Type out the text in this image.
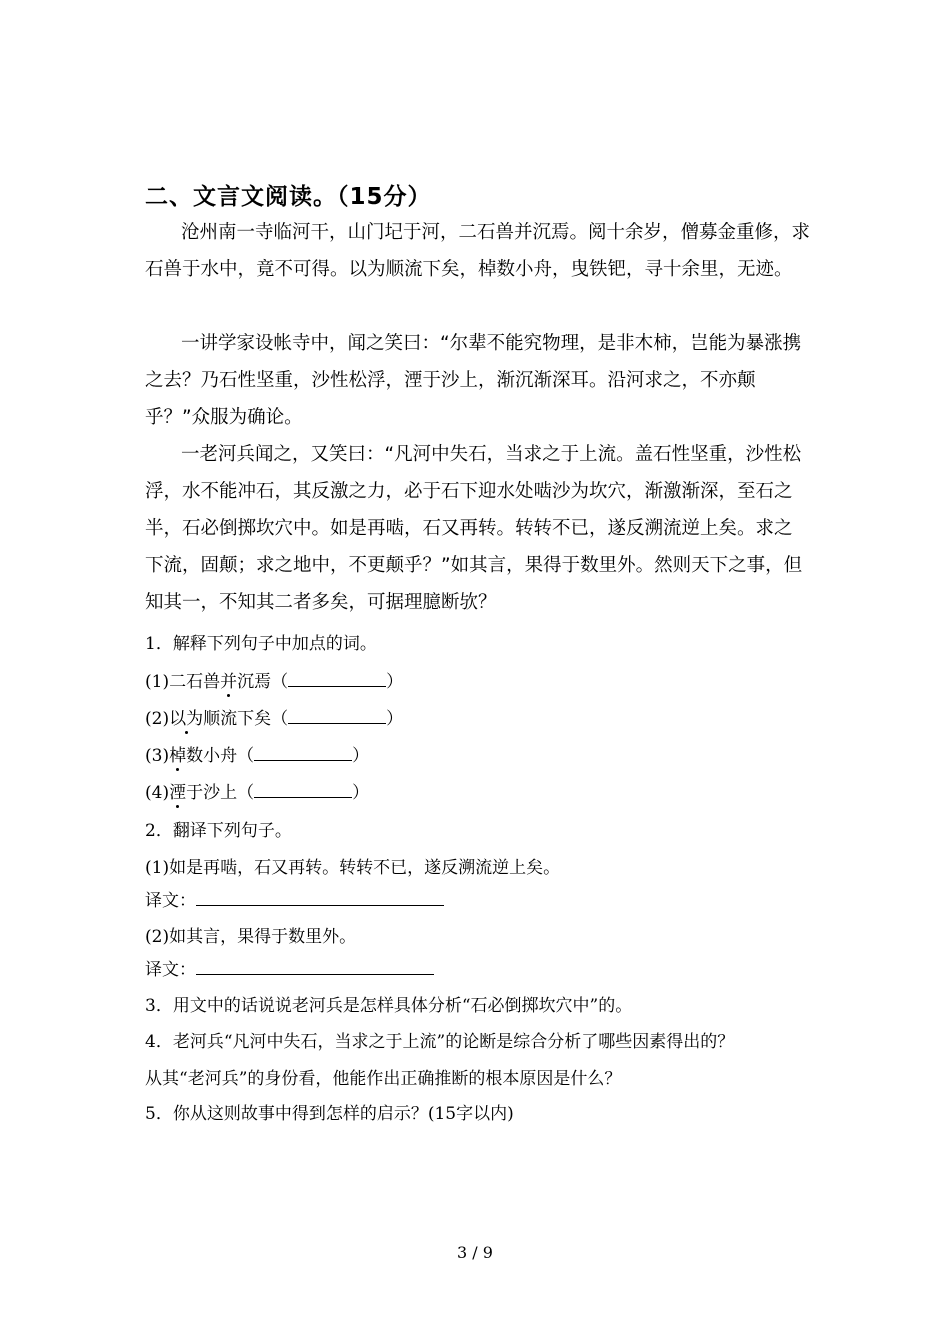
二、文言文阅读。（15分）

沧州南一寺临河干，山门圮于河，二石兽并沉焉。阅十余岁，僧募金重修，求石兽于水中，竟不可得。以为顺流下矣，棹数小舟，曳铁钯，寻十余里，无迹。

一讲学家设帐寺中，闻之笑曰：“尔辈不能究物理，是非木柿，岂能为暴涨携之去？乃石性坚重，沙性松浮，湮于沙上，渐沉渐深耳。沿河求之，不亦颠乎？”众服为确论。

一老河兵闻之，又笑曰：“凡河中失石，当求之于上流。盖石性坚重，沙性松浮，水不能冲石，其反激之力，必于石下迎水处啮沙为坎穴，渐激渐深，至石之半，石必倒掷坎穴中。如是再啮，石又再转。转转不已，遂反溯流逆上矣。求之下流，固颠；求之地中，不更颠乎？”如其言，果得于数里外。然则天下之事，但知其一，不知其二者多矣，可据理臆断欤？

1．解释下列句子中加点的词。
(1)二石兽并沉焉（	）
(2)以为顺流下矣（	）
(3)棹数小舟（	）
(4)湮于沙上（	）
2．翻译下列句子。
(1)如是再啮，石又再转。转转不已，遂反溯流逆上矣。
译文：
(2)如其言，果得于数里外。
译文：
3．用文中的话说说老河兵是怎样具体分析“石必倒掷坎穴中”的。
4．老河兵“凡河中失石，当求之于上流”的论断是综合分析了哪些因素得出的？
从其“老河兵”的身份看，他能作出正确推断的根本原因是什么？
5．你从这则故事中得到怎样的启示？(15字以内)
3 / 9
